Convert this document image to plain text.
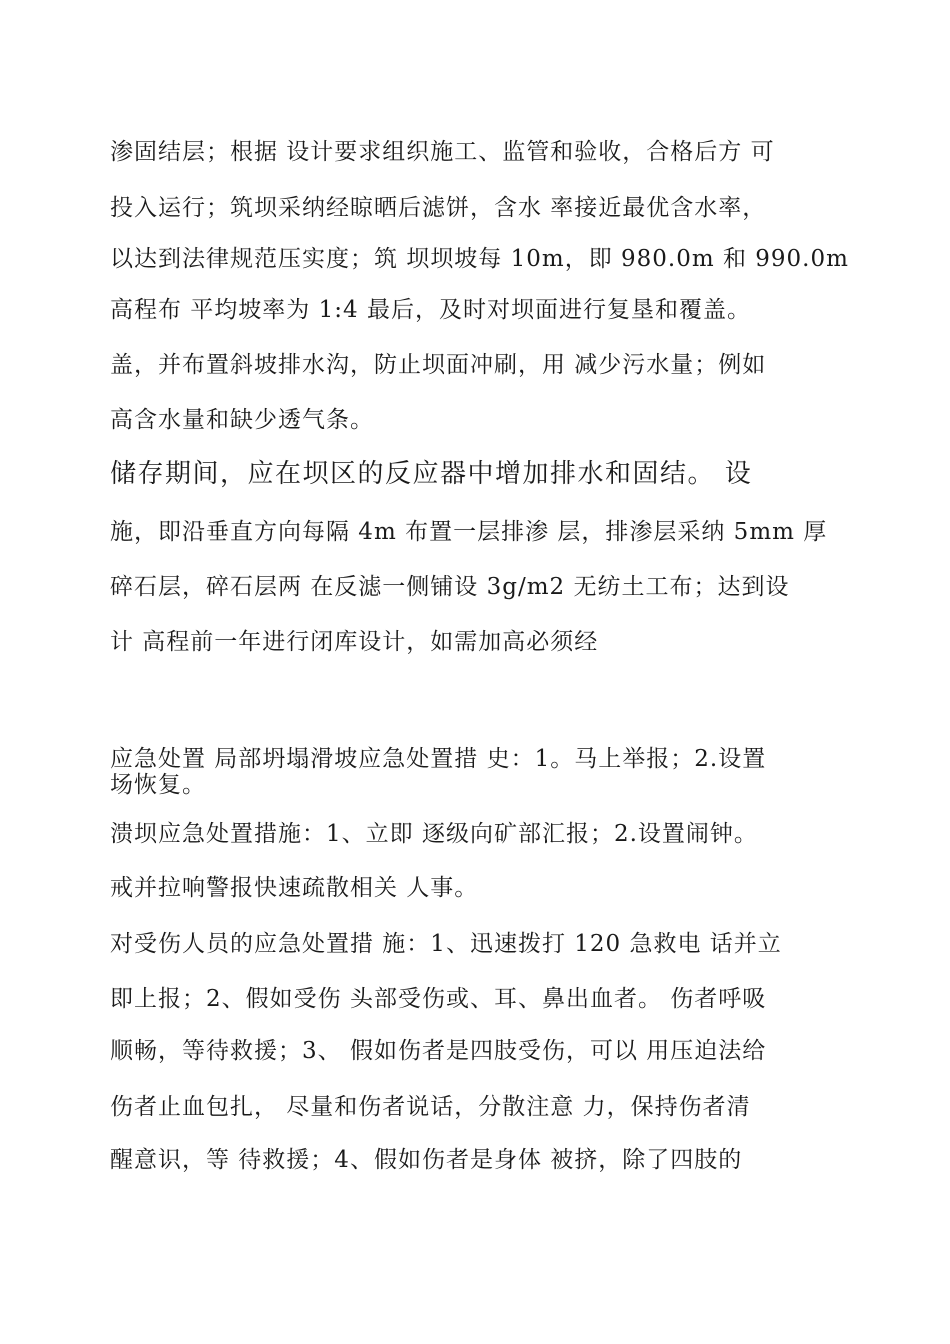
渗固结层；根据 设计要求组织施工、监管和验收，合格后方 可
投入运行；筑坝采纳经晾晒后滤饼，含水 率接近最优含水率，
以达到法律规范压实度；筑 坝坝坡每 10m，即 980.0m 和 990.0m
高程布 平均坡率为 1:4 最后，及时对坝面进行复垦和覆盖。
盖，并布置斜坡排水沟，防止坝面冲刷，用 减少污水量；例如
高含水量和缺少透气条。
储存期间，应在坝区的反应器中增加排水和固结。 设
施，即沿垂直方向每隔 4m 布置一层排渗 层，排渗层采纳 5mm 厚
碎石层，碎石层两 在反滤一侧铺设 3g/m2 无纺土工布；达到设
计 高程前一年进行闭库设计，如需加高必须经
应急处置 局部坍塌滑坡应急处置措 史：1。马上举报；2.设置
场恢复。
溃坝应急处置措施：1、立即 逐级向矿部汇报；2.设置闹钟。
戒并拉响警报快速疏散相关 人事。
对受伤人员的应急处置措 施：1、迅速拨打 120 急救电 话并立
即上报；2、假如受伤 头部受伤或、耳、鼻出血者。 伤者呼吸
顺畅，等待救援；3、 假如伤者是四肢受伤，可以 用压迫法给
伤者止血包扎， 尽量和伤者说话，分散注意 力，保持伤者清
醒意识，等 待救援；4、假如伤者是身体 被挤，除了四肢的
